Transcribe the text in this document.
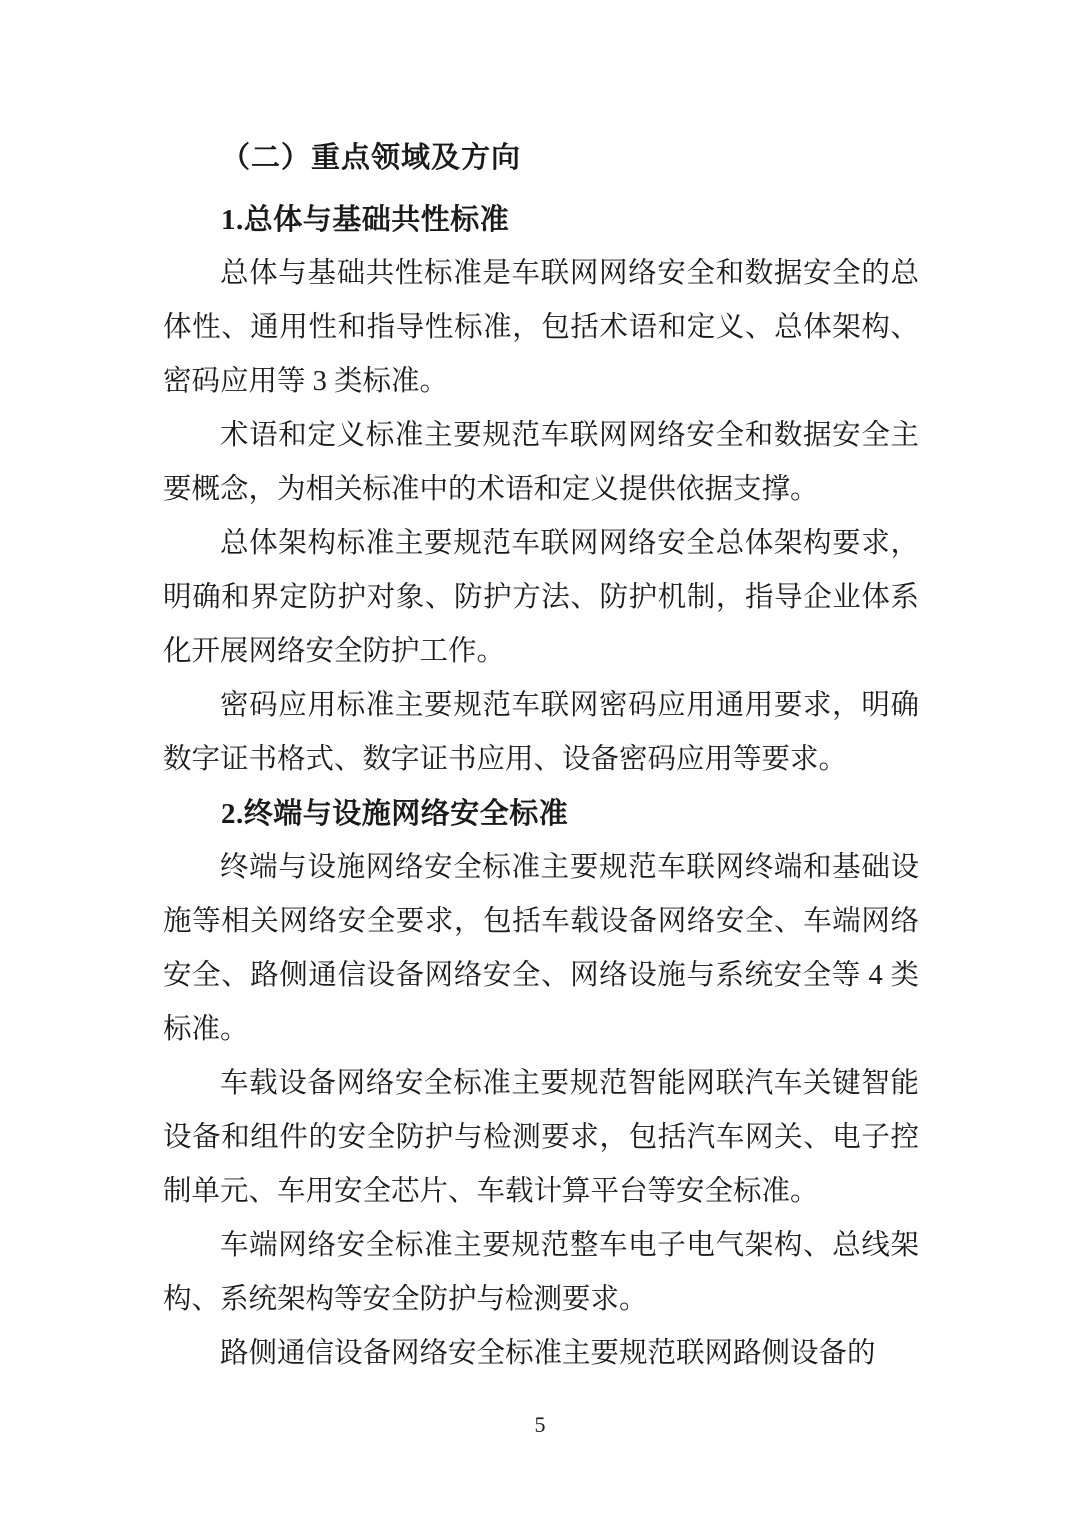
（二）重点领域及方向
1.总体与基础共性标准

总体与基础共性标准是车联网网络安全和数据安全的总体性、通用性和指导性标准，包括术语和定义、总体架构、密码应用等 3 类标准。

术语和定义标准主要规范车联网网络安全和数据安全主要概念，为相关标准中的术语和定义提供依据支撑。

总体架构标准主要规范车联网网络安全总体架构要求，明确和界定防护对象、防护方法、防护机制，指导企业体系化开展网络安全防护工作。

密码应用标准主要规范车联网密码应用通用要求，明确数字证书格式、数字证书应用、设备密码应用等要求。

2.终端与设施网络安全标准

终端与设施网络安全标准主要规范车联网终端和基础设施等相关网络安全要求，包括车载设备网络安全、车端网络安全、路侧通信设备网络安全、网络设施与系统安全等 4 类标准。

车载设备网络安全标准主要规范智能网联汽车关键智能设备和组件的安全防护与检测要求，包括汽车网关、电子控制单元、车用安全芯片、车载计算平台等安全标准。

车端网络安全标准主要规范整车电子电气架构、总线架构、系统架构等安全防护与检测要求。

路侧通信设备网络安全标准主要规范联网路侧设备的

5
